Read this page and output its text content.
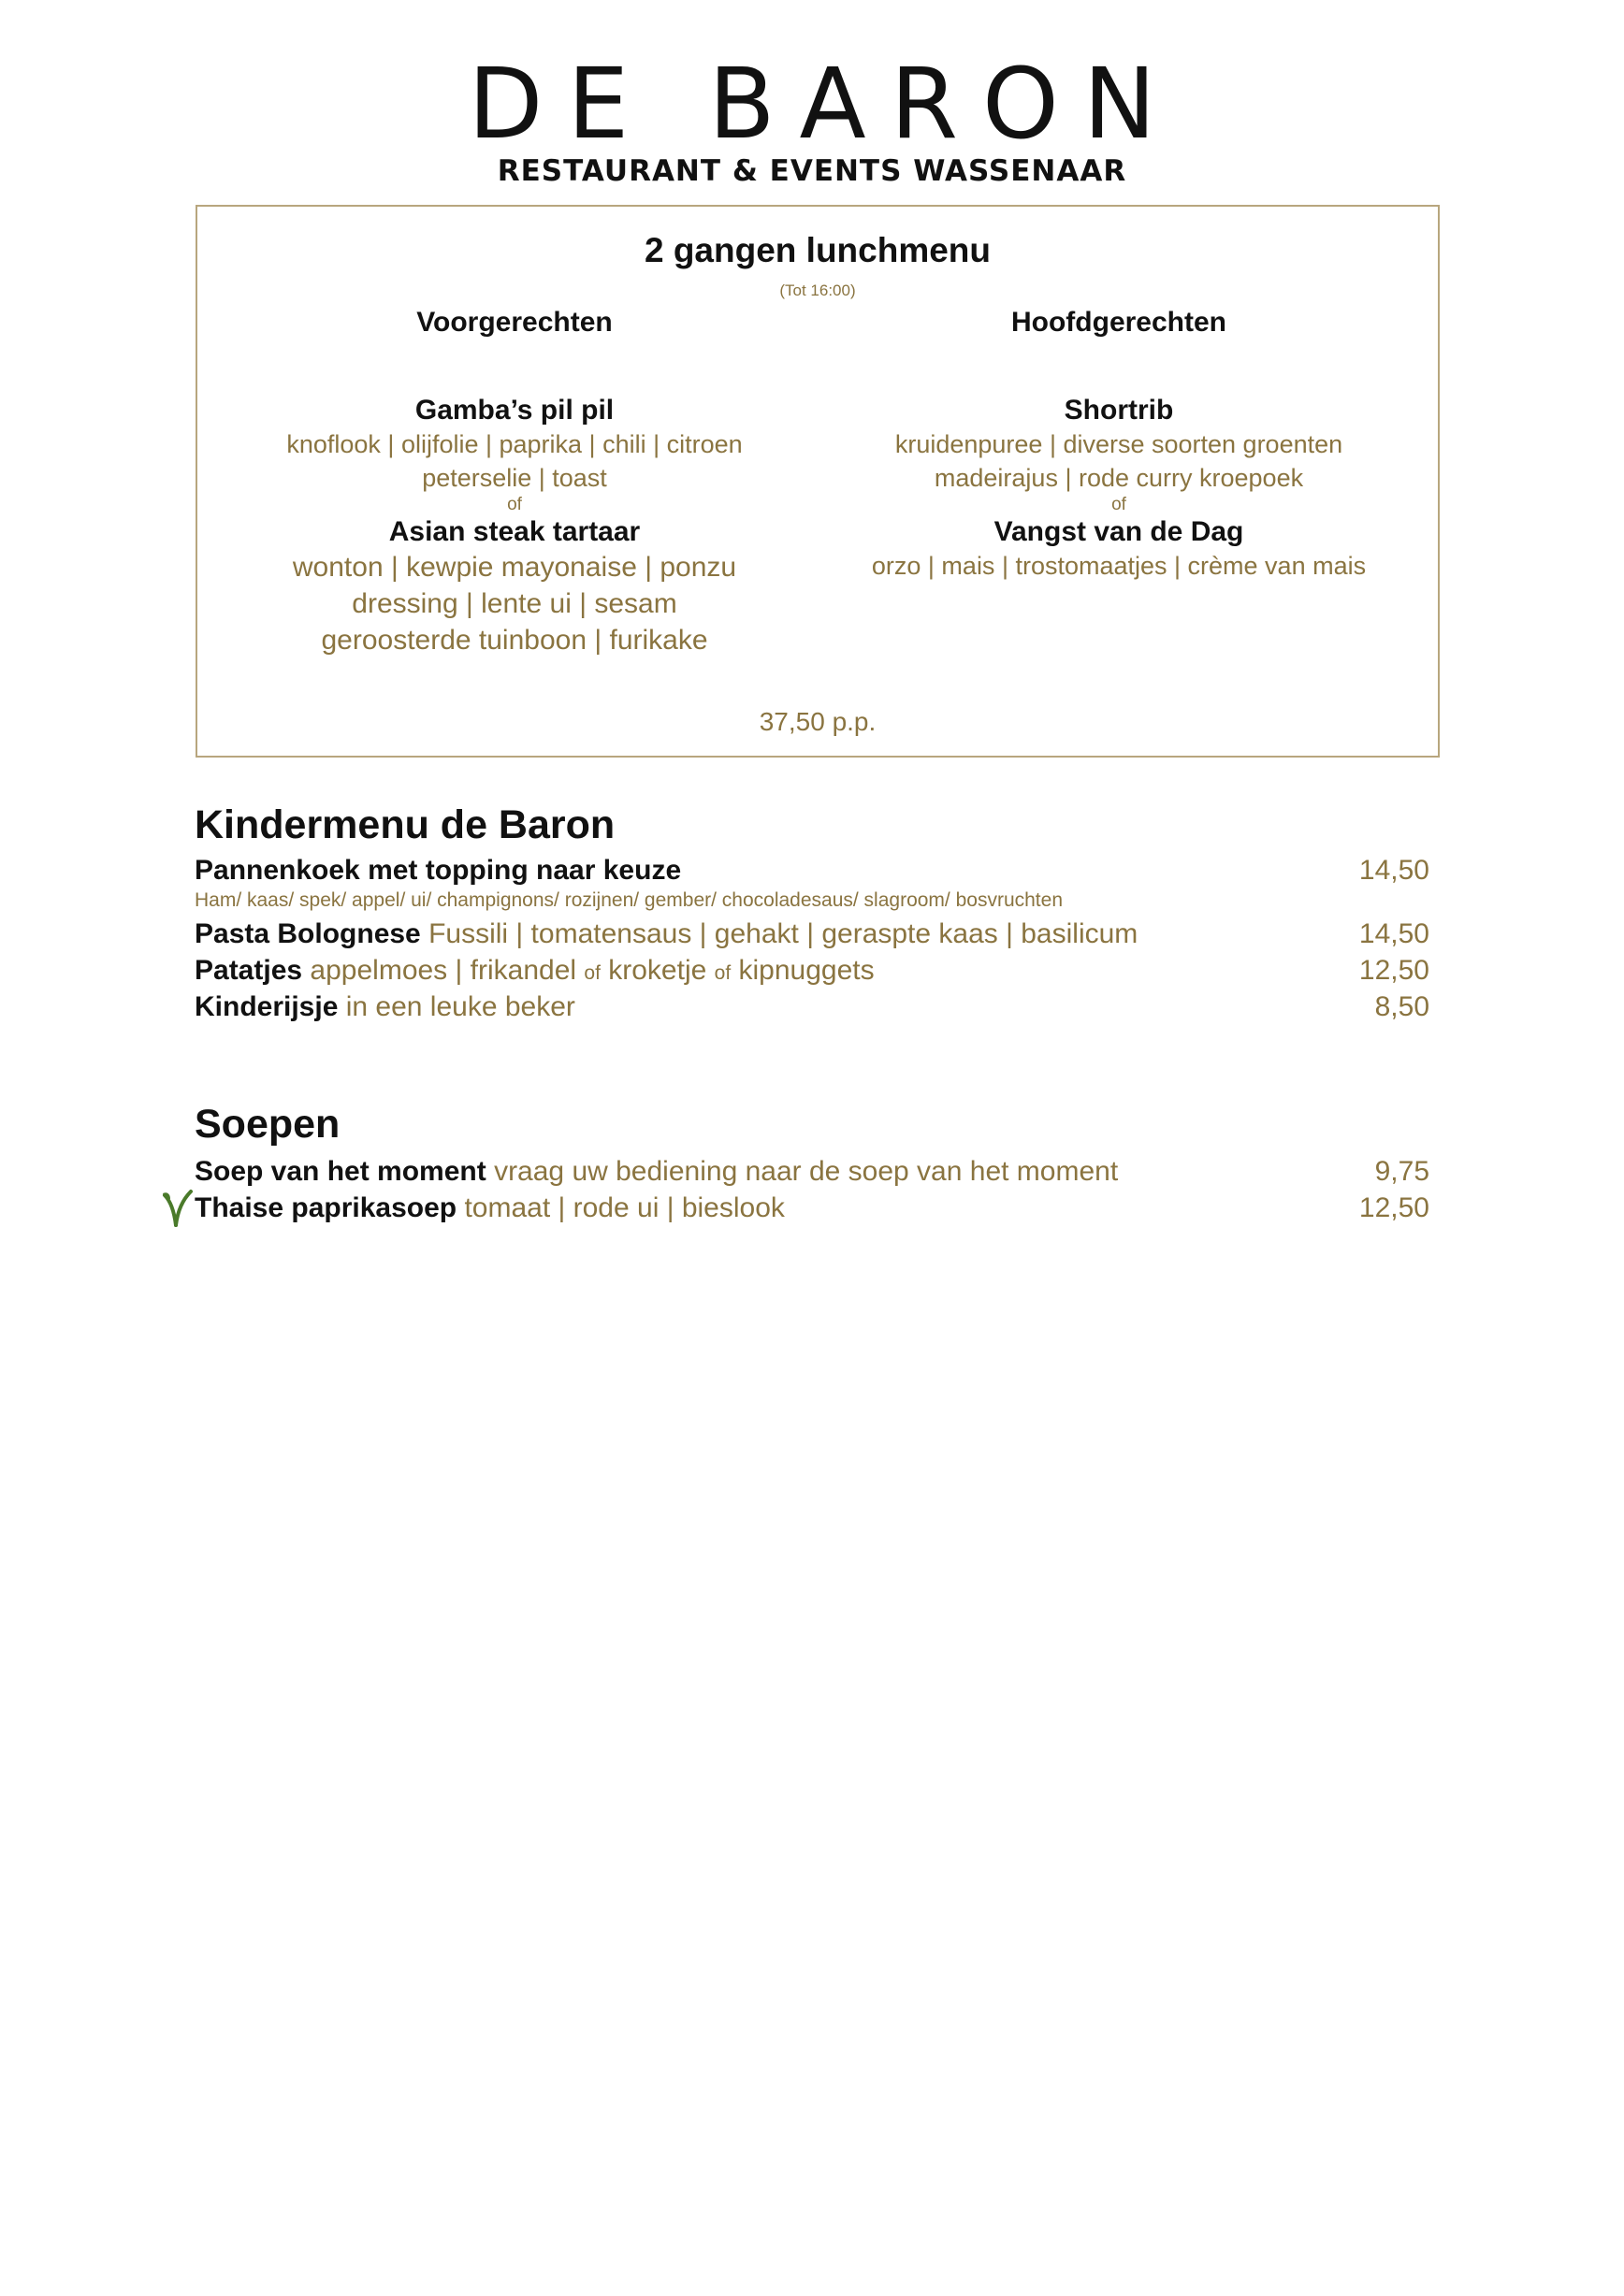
DE BARON
RESTAURANT & EVENTS WASSENAAR
2 gangen lunchmenu
(Tot 16:00)
Voorgerechten
Gamba’s pil pil
knoflook | olijfolie | paprika | chili | citroen
peterselie | toast
of
Asian steak tartaar
wonton | kewpie mayonaise | ponzu
dressing | lente ui | sesam
geroosterde tuinboon | furikake
Hoofdgerechten
Shortrib
kruidenpuree | diverse soorten groenten
madeirajus | rode curry kroepoek
of
Vangst van de Dag
orzo | mais | trostomaatjes | crème van mais
37,50 p.p.
Kindermenu de Baron
Pannenkoek met topping naar keuze	14,50
Ham/ kaas/ spek/ appel/ ui/ champignons/ rozijnen/ gember/ chocoladesaus/ slagroom/ bosvruchten
Pasta Bolognese Fussili | tomatensaus | gehakt | geraspte kaas | basilicum	14,50
Patatjes appelmoes | frikandel of kroketje of kipnuggets	12,50
Kinderijsje in een leuke beker	8,50
Soepen
Soep van het moment vraag uw bediening naar de soep van het moment	9,75
Thaise paprikasoep tomaat | rode ui | bieslook	12,50
